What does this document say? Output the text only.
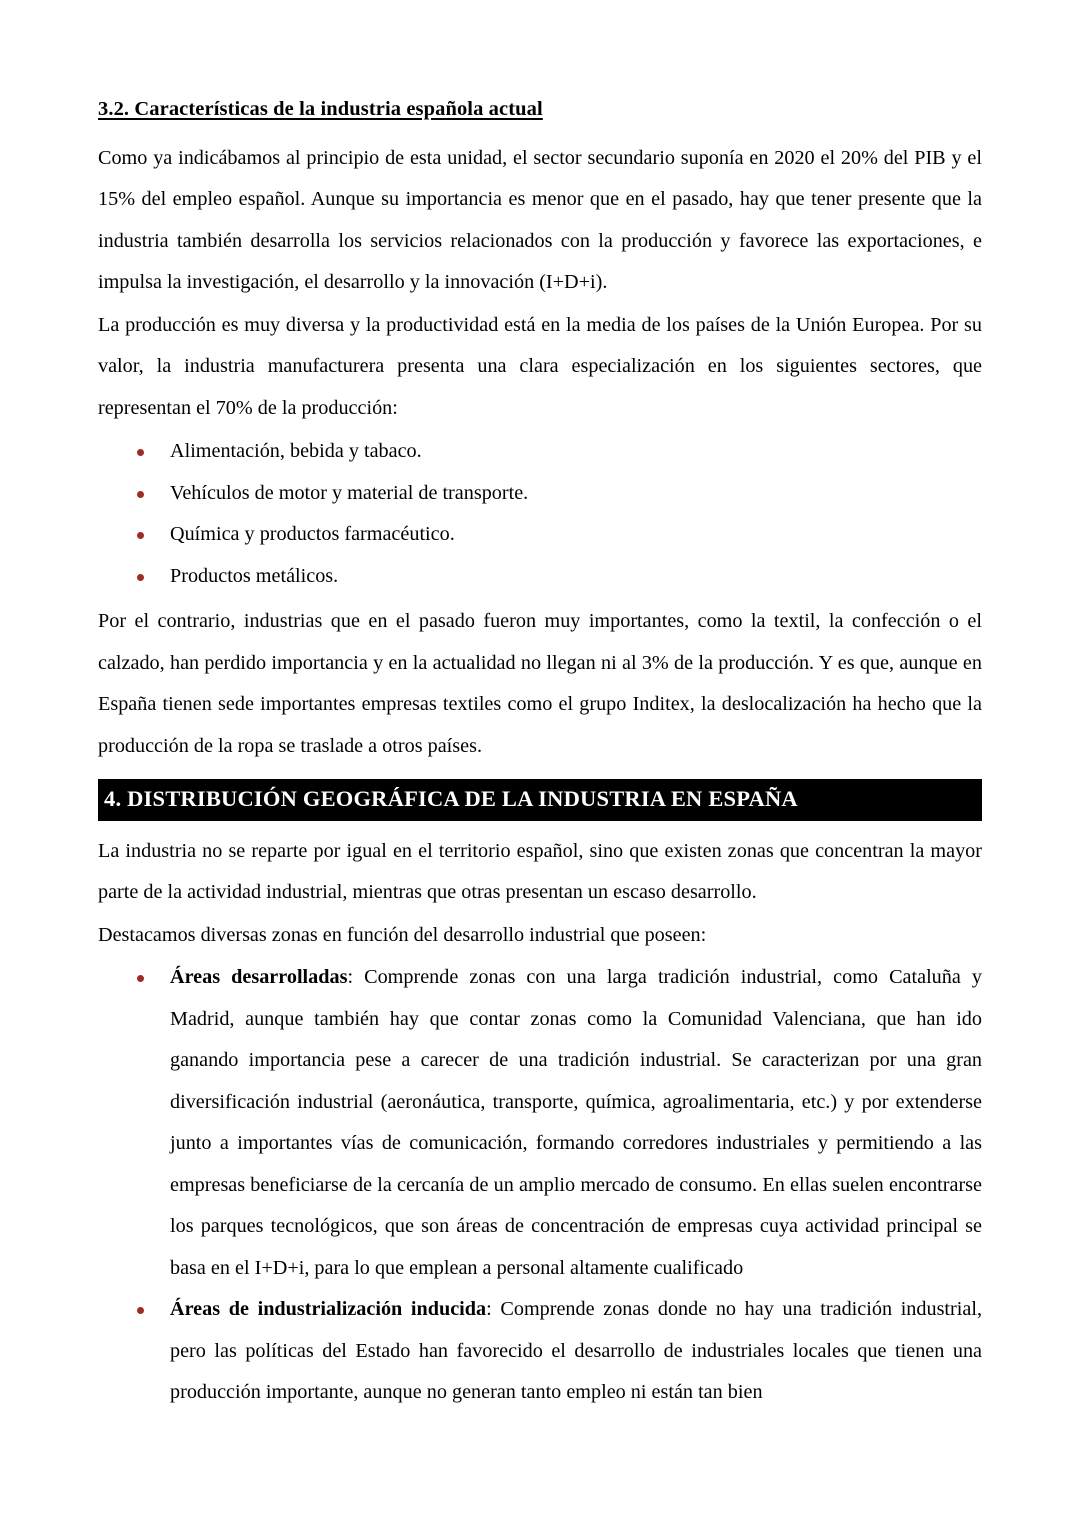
3.2. Características de la industria española actual

Como ya indicábamos al principio de esta unidad, el sector secundario suponía en 2020 el 20% del PIB y el 15% del empleo español. Aunque su importancia es menor que en el pasado, hay que tener presente que la industria también desarrolla los servicios relacionados con la producción y favorece las exportaciones, e impulsa la investigación, el desarrollo y la innovación (I+D+i).

La producción es muy diversa y la productividad está en la media de los países de la Unión Europea. Por su valor, la industria manufacturera presenta una clara especialización en los siguientes sectores, que representan el 70% de la producción:

Alimentación, bebida y tabaco.
Vehículos de motor y material de transporte.
Química y productos farmacéutico.
Productos metálicos.

Por el contrario, industrias que en el pasado fueron muy importantes, como la textil, la confección o el calzado, han perdido importancia y en la actualidad no llegan ni al 3% de la producción. Y es que, aunque en España tienen sede importantes empresas textiles como el grupo Inditex, la deslocalización ha hecho que la producción de la ropa se traslade a otros países.

4. DISTRIBUCIÓN GEOGRÁFICA DE LA INDUSTRIA EN ESPAÑA

La industria no se reparte por igual en el territorio español, sino que existen zonas que concentran la mayor parte de la actividad industrial, mientras que otras presentan un escaso desarrollo.

Destacamos diversas zonas en función del desarrollo industrial que poseen:

Áreas desarrolladas: Comprende zonas con una larga tradición industrial, como Cataluña y Madrid, aunque también hay que contar zonas como la Comunidad Valenciana, que han ido ganando importancia pese a carecer de una tradición industrial. Se caracterizan por una gran diversificación industrial (aeronáutica, transporte, química, agroalimentaria, etc.) y por extenderse junto a importantes vías de comunicación, formando corredores industriales y permitiendo a las empresas beneficiarse de la cercanía de un amplio mercado de consumo. En ellas suelen encontrarse los parques tecnológicos, que son áreas de concentración de empresas cuya actividad principal se basa en el I+D+i, para lo que emplean a personal altamente cualificado
Áreas de industrialización inducida: Comprende zonas donde no hay una tradición industrial, pero las políticas del Estado han favorecido el desarrollo de industriales locales que tienen una producción importante, aunque no generan tanto empleo ni están tan bien
